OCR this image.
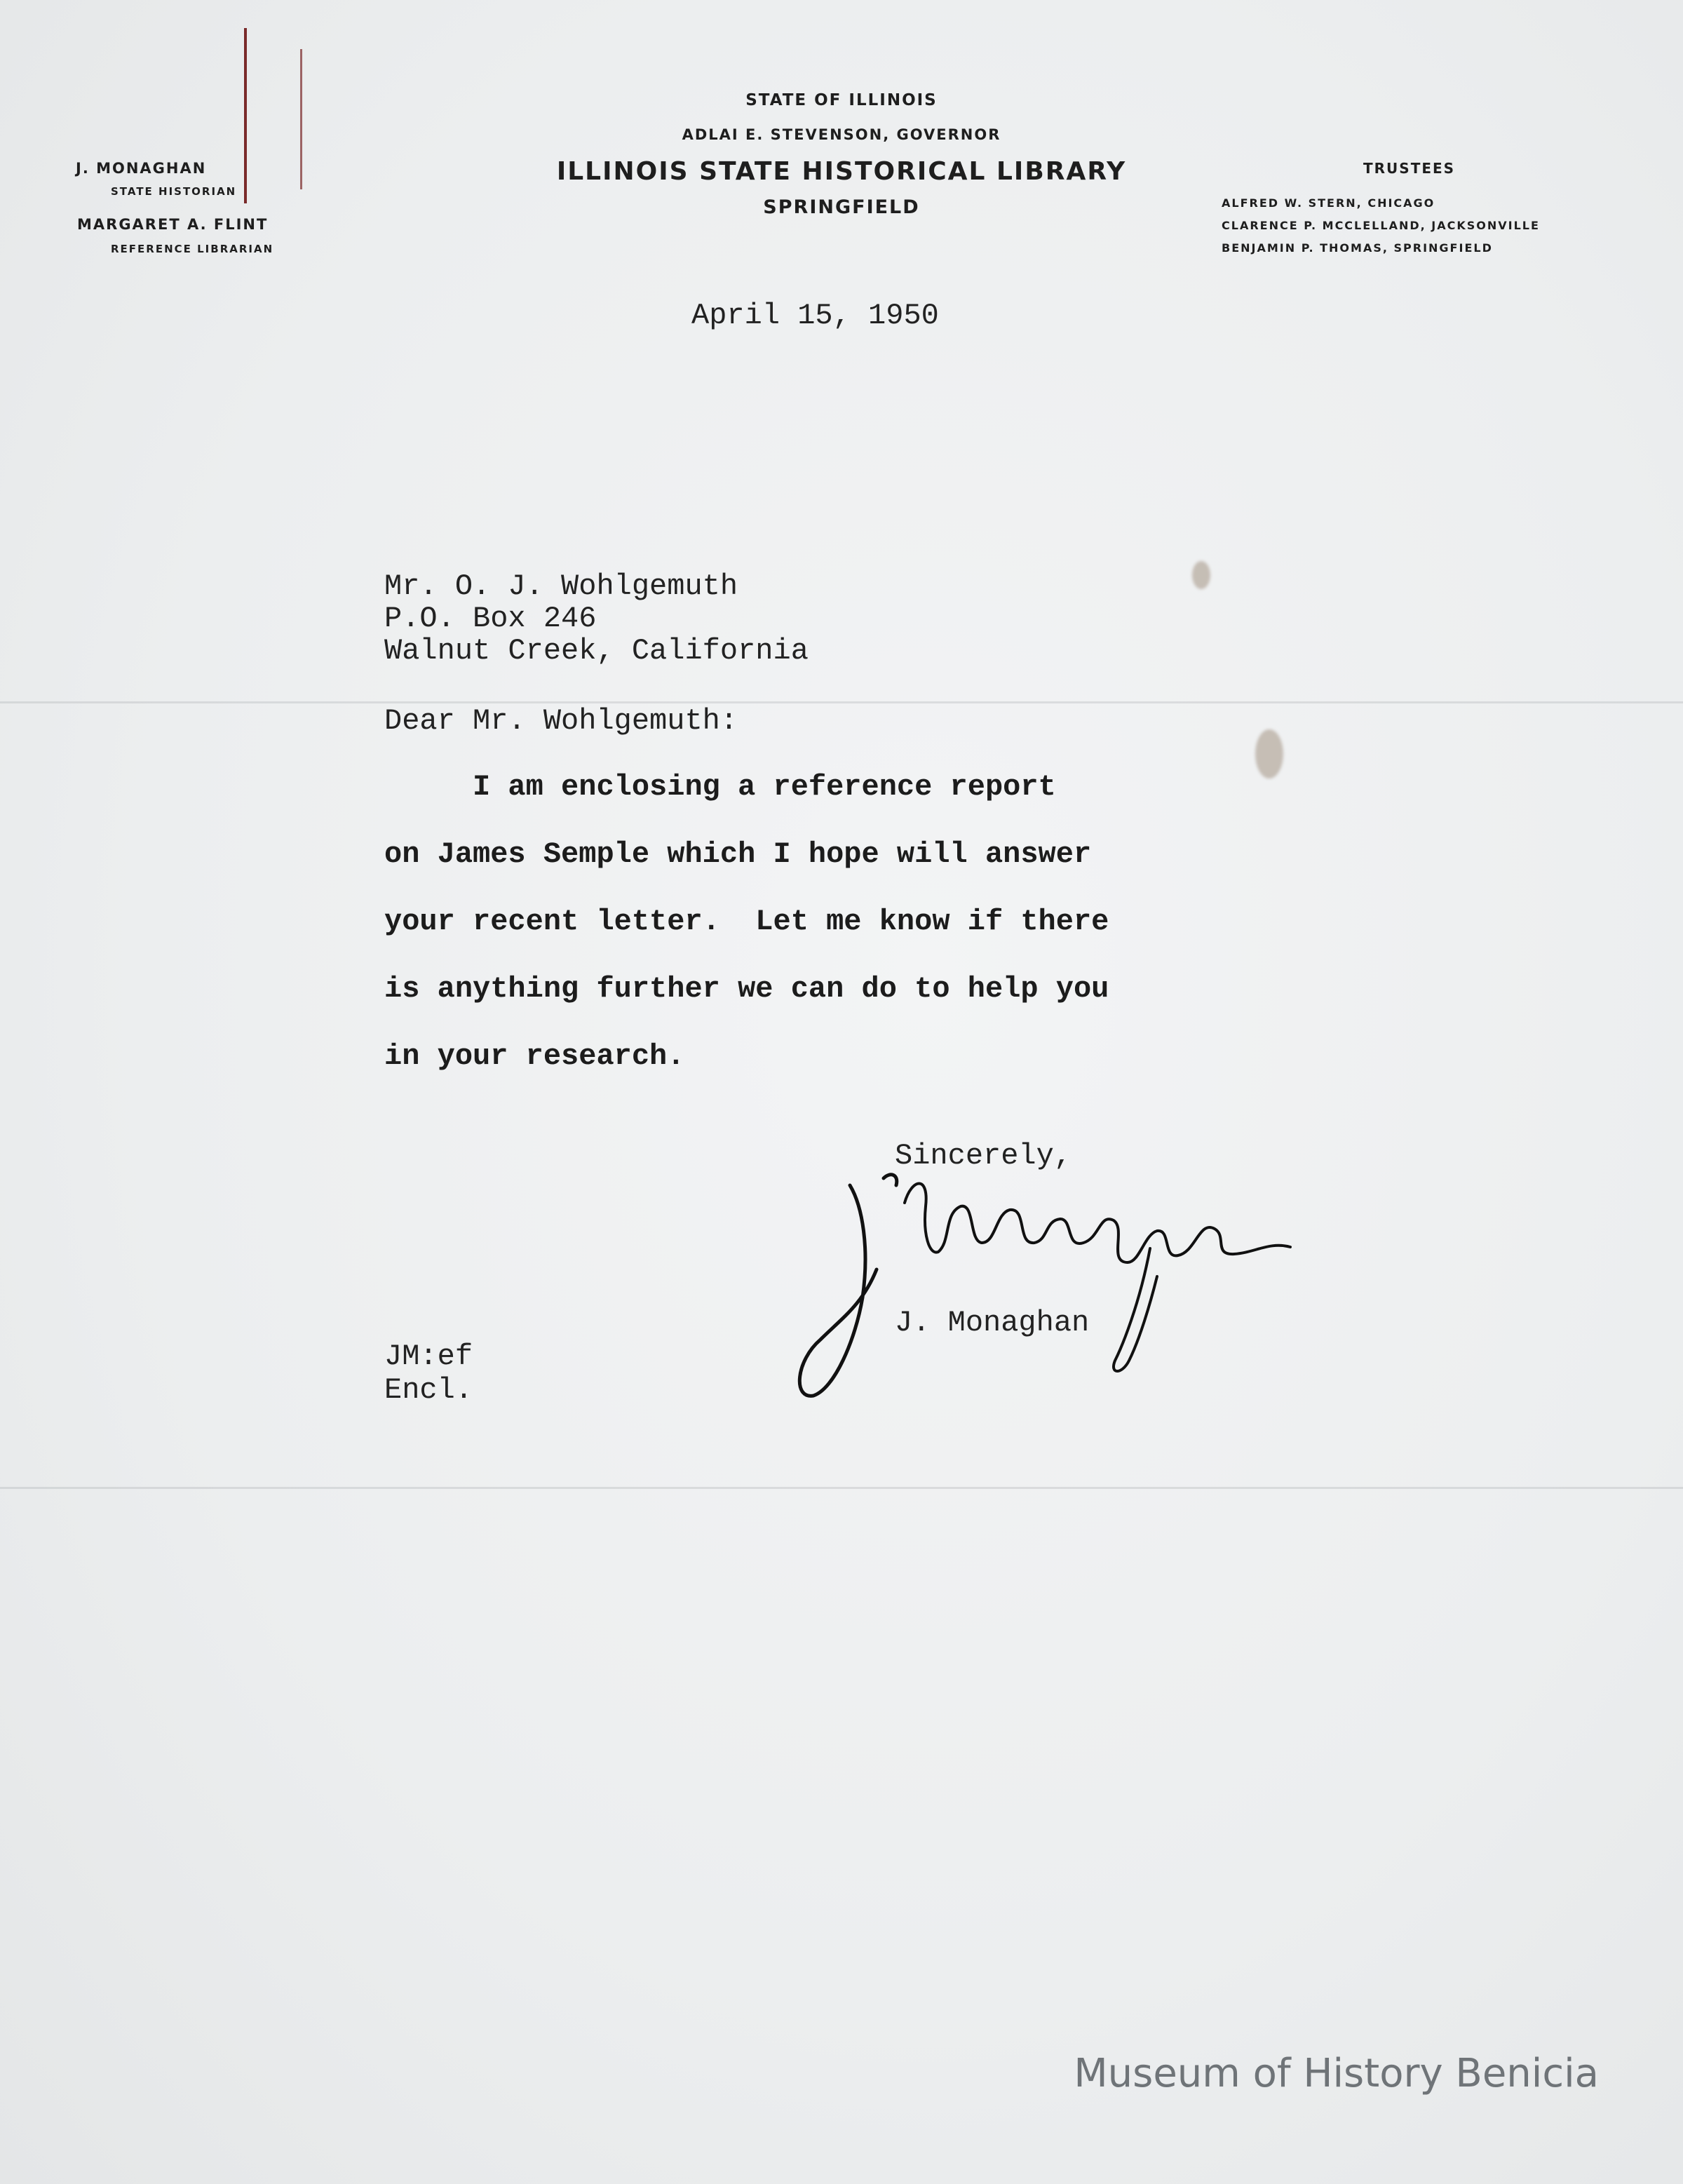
STATE OF ILLINOIS
ADLAI E. STEVENSON, GOVERNOR
ILLINOIS STATE HISTORICAL LIBRARY
SPRINGFIELD
J. MONAGHAN
STATE HISTORIAN
MARGARET A. FLINT
REFERENCE LIBRARIAN
TRUSTEES
ALFRED W. STERN, CHICAGO
CLARENCE P. MCCLELLAND, JACKSONVILLE
BENJAMIN P. THOMAS, SPRINGFIELD
April 15, 1950
Mr. O. J. Wohlgemuth
P.O. Box 246
Walnut Creek, California
Dear Mr. Wohlgemuth:
I am enclosing a reference report
on James Semple which I hope will answer
your recent letter.  Let me know if there
is anything further we can do to help you
in your research.
Sincerely,
J. Monaghan
JM:ef
Encl.
Museum of History Benicia
